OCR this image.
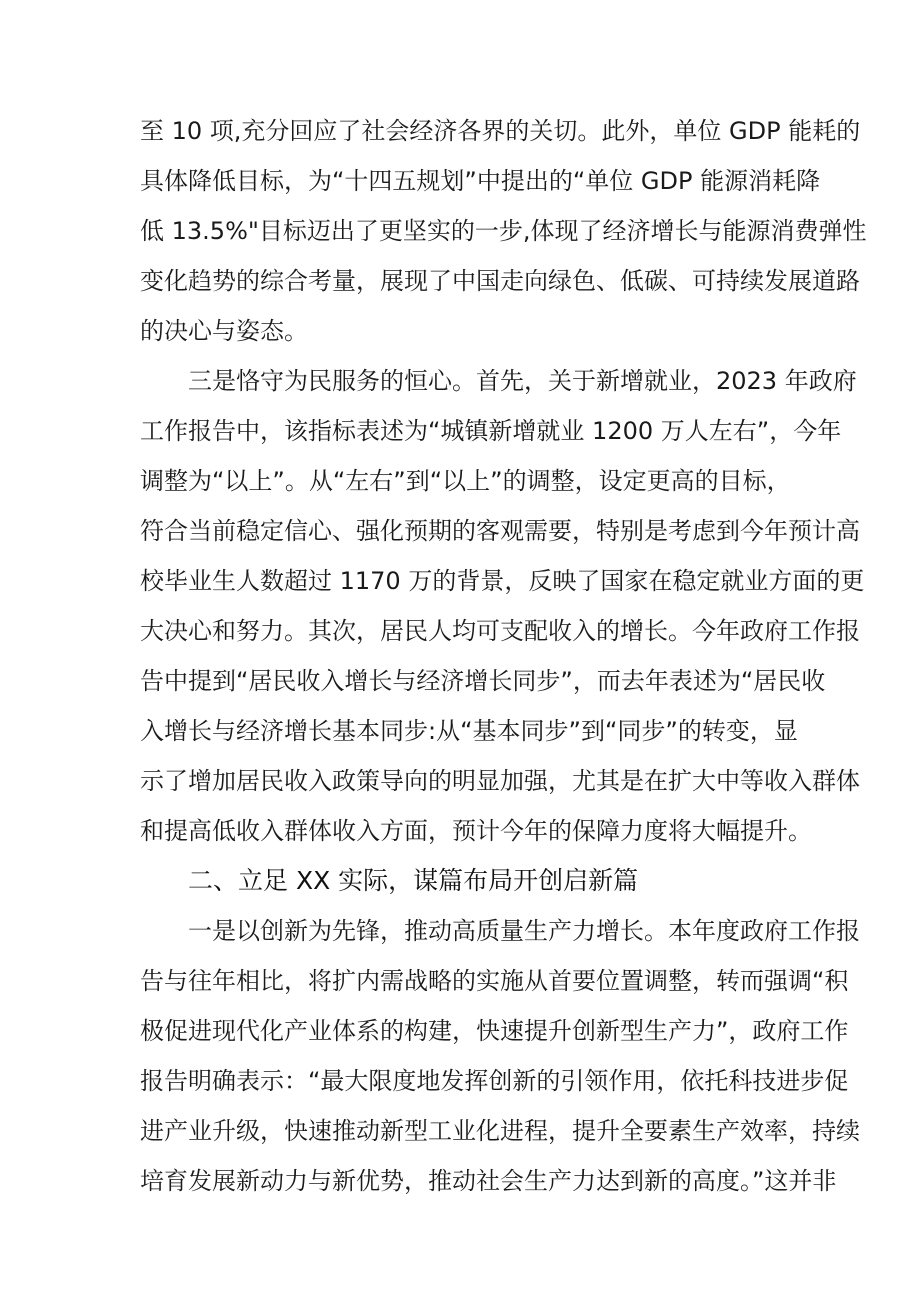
至 10 项,充分回应了社会经济各界的关切。此外，单位 GDP 能耗的
具体降低目标，为“十四五规划”中提出的“单位 GDP 能源消耗降
低 13.5%"目标迈出了更坚实的一步,体现了经济增长与能源消费弹性
变化趋势的综合考量，展现了中国走向绿色、低碳、可持续发展道路
的决心与姿态。
三是恪守为民服务的恒心。首先，关于新增就业，2023 年政府
工作报告中，该指标表述为“城镇新增就业 1200 万人左右”，今年
调整为“以上”。从“左右”到“以上”的调整，设定更高的目标，
符合当前稳定信心、强化预期的客观需要，特别是考虑到今年预计高
校毕业生人数超过 1170 万的背景，反映了国家在稳定就业方面的更
大决心和努力。其次，居民人均可支配收入的增长。今年政府工作报
告中提到“居民收入增长与经济增长同步”，而去年表述为“居民收
入增长与经济增长基本同步:从“基本同步”到“同步”的转变，显
示了增加居民收入政策导向的明显加强，尤其是在扩大中等收入群体
和提高低收入群体收入方面，预计今年的保障力度将大幅提升。
二、立足 XX 实际，谋篇布局开创启新篇
一是以创新为先锋，推动高质量生产力增长。本年度政府工作报
告与往年相比，将扩内需战略的实施从首要位置调整，转而强调“积
极促进现代化产业体系的构建，快速提升创新型生产力”，政府工作
报告明确表示：“最大限度地发挥创新的引领作用，依托科技进步促
进产业升级，快速推动新型工业化进程，提升全要素生产效率，持续
培育发展新动力与新优势，推动社会生产力达到新的高度。”这并非
